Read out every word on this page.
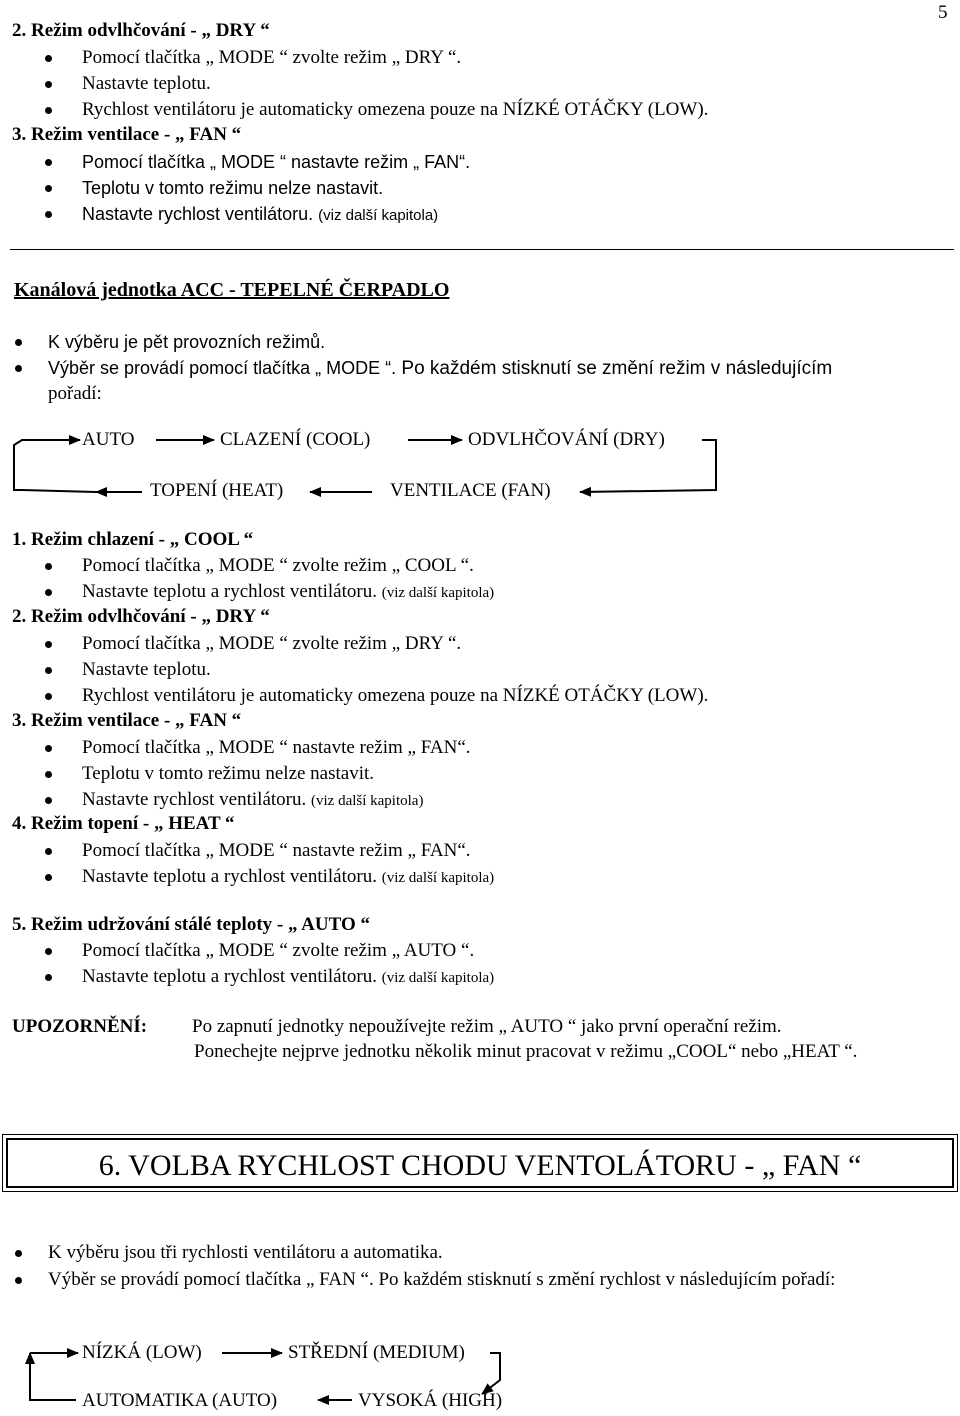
5
2. Režim odvlhčování - „ DRY “
Pomocí tlačítka „ MODE “ zvolte režim „ DRY “.
Nastavte teplotu.
Rychlost ventilátoru je automaticky omezena pouze na NÍZKÉ OTÁČKY (LOW).
3. Režim ventilace - „ FAN “
Pomocí tlačítka „ MODE “ nastavte režim „ FAN“.
Teplotu v tomto režimu nelze nastavit.
Nastavte rychlost ventilátoru. (viz další kapitola)
Kanálová jednotka ACC - TEPELNÉ ČERPADLO
K výběru je pět provozních režimů.
Výběr se provádí pomocí tlačítka „ MODE “. Po každém stisknutí se změní režim v následujícím
pořadí:
AUTO	CLAZENÍ (COOL)	ODVLHČOVÁNÍ (DRY)
TOPENÍ (HEAT)	VENTILACE (FAN)
1. Režim chlazení - „ COOL “
Pomocí tlačítka „ MODE “ zvolte režim „ COOL “.
Nastavte teplotu a rychlost ventilátoru. (viz další kapitola)
2. Režim odvlhčování - „ DRY “
Pomocí tlačítka „ MODE “ zvolte režim „ DRY “.
Nastavte teplotu.
Rychlost ventilátoru je automaticky omezena pouze na NÍZKÉ OTÁČKY (LOW).
3. Režim ventilace - „ FAN “
Pomocí tlačítka „ MODE “ nastavte režim „ FAN“.
Teplotu v tomto režimu nelze nastavit.
Nastavte rychlost ventilátoru. (viz další kapitola)
4. Režim topení - „ HEAT “
Pomocí tlačítka „ MODE “ nastavte režim „ FAN“.
Nastavte teplotu a rychlost ventilátoru. (viz další kapitola)
5. Režim udržování stálé teploty - „ AUTO “
Pomocí tlačítka „ MODE “ zvolte režim „ AUTO “.
Nastavte teplotu a rychlost ventilátoru. (viz další kapitola)
UPOZORNĚNÍ: Po zapnutí jednotky nepoužívejte režim „ AUTO “ jako první operační režim.
Ponechejte nejprve jednotku několik minut pracovat v režimu „COOL“ nebo „HEAT “.
6. VOLBA RYCHLOST CHODU VENTOLÁTORU - „ FAN “
K výběru jsou tři rychlosti ventilátoru a automatika.
Výběr se provádí pomocí tlačítka „ FAN “. Po každém stisknutí s změní rychlost v následujícím pořadí:
NÍZKÁ (LOW)	STŘEDNÍ (MEDIUM)
AUTOMATIKA (AUTO)	VYSOKÁ (HIGH)
